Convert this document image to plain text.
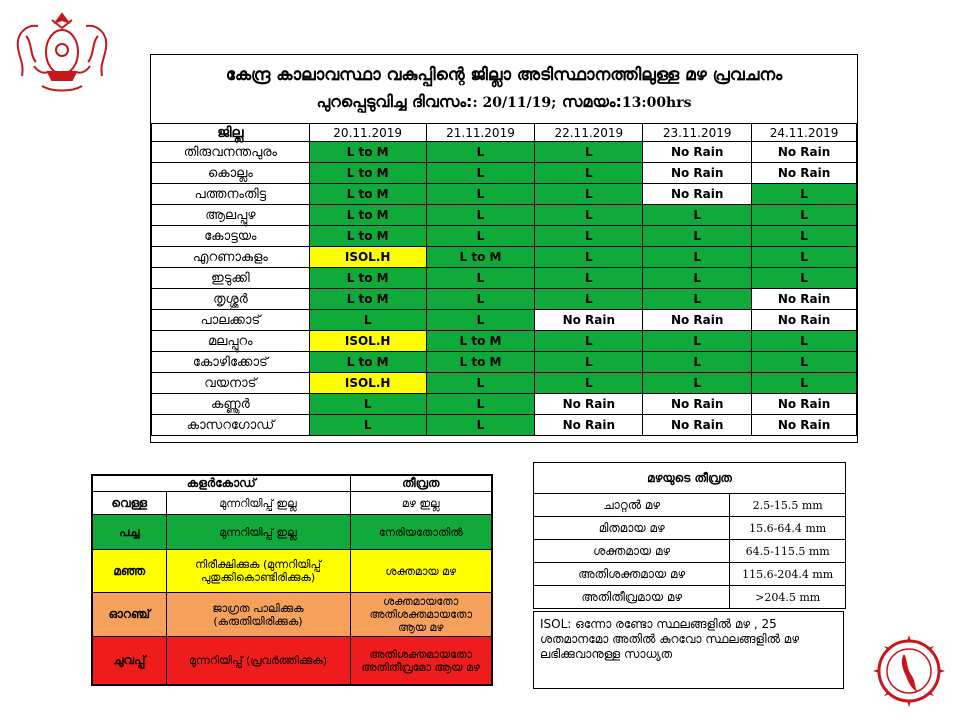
കേന്ദ്ര കാലാവസ്ഥാ വകുപ്പിന്റെ ജില്ലാ അടിസ്ഥാനത്തിലുള്ള മഴ പ്രവചനം
പുറപ്പെടുവിച്ച ദിവസം:: 20/11/19; സമയം:13:00hrs
ജില്ല	20.11.2019	21.11.2019	22.11.2019	23.11.2019	24.11.2019
തിരുവനന്തപുരം	L to M	L	L	No Rain	No Rain
കൊല്ലം	L to M	L	L	No Rain	No Rain
പത്തനംതിട്ട	L to M	L	L	No Rain	L
ആലപ്പുഴ	L to M	L	L	L	L
കോട്ടയം	L to M	L	L	L	L
എറണാകുളം	ISOL.H	L to M	L	L	L
ഇടുക്കി	L to M	L	L	L	L
തൃശ്ശൂർ	L to M	L	L	L	No Rain
പാലക്കാട്	L	L	No Rain	No Rain	No Rain
മലപ്പുറം	ISOL.H	L to M	L	L	L
കോഴിക്കോട്	L to M	L to M	L	L	L
വയനാട്	ISOL.H	L	L	L	L
കണ്ണൂർ	L	L	No Rain	No Rain	No Rain
കാസറഗോഡ്	L	L	No Rain	No Rain	No Rain
കളർകോഡ്		തീവ്രത
വെള്ള	മുന്നറിയിപ്പ് ഇല്ല	മഴ ഇല്ല
പച്ച	മുന്നറിയിപ്പ് ഇല്ല	നേരിയതോതിൽ
മഞ്ഞ	നിരീക്ഷിക്കുക (മുന്നറിയിപ്പ് പുതുക്കികൊണ്ടിരിക്കുക)	ശക്തമായ മഴ
ഓറഞ്ച്	ജാഗ്രത പാലിക്കുക (കരുതിയിരിക്കുക)	ശക്തമായതോ അതിശക്തമായതോ ആയ മഴ
ചുവപ്പ്	മുന്നറിയിപ്പ് (പ്രവർത്തിക്കുക)	അതിശക്തമായതോ അതിതീവ്രമോ ആയ മഴ
മഴയുടെ തീവ്രത	
ചാറ്റൽ മഴ	2.5-15.5 mm
മിതമായ മഴ	15.6-64.4 mm
ശക്തമായ മഴ	64.5-115.5 mm
അതിശക്തമായ മഴ	115.6-204.4 mm
അതിതീവ്രമായ മഴ	>204.5 mm
ISOL: ഒന്നോ രണ്ടോ സ്ഥലങ്ങളിൽ മഴ , 25 ശതമാനമോ അതിൽ കുറവോ സ്ഥലങ്ങളിൽ മഴ ലഭിക്കുവാനുള്ള സാധ്യത
